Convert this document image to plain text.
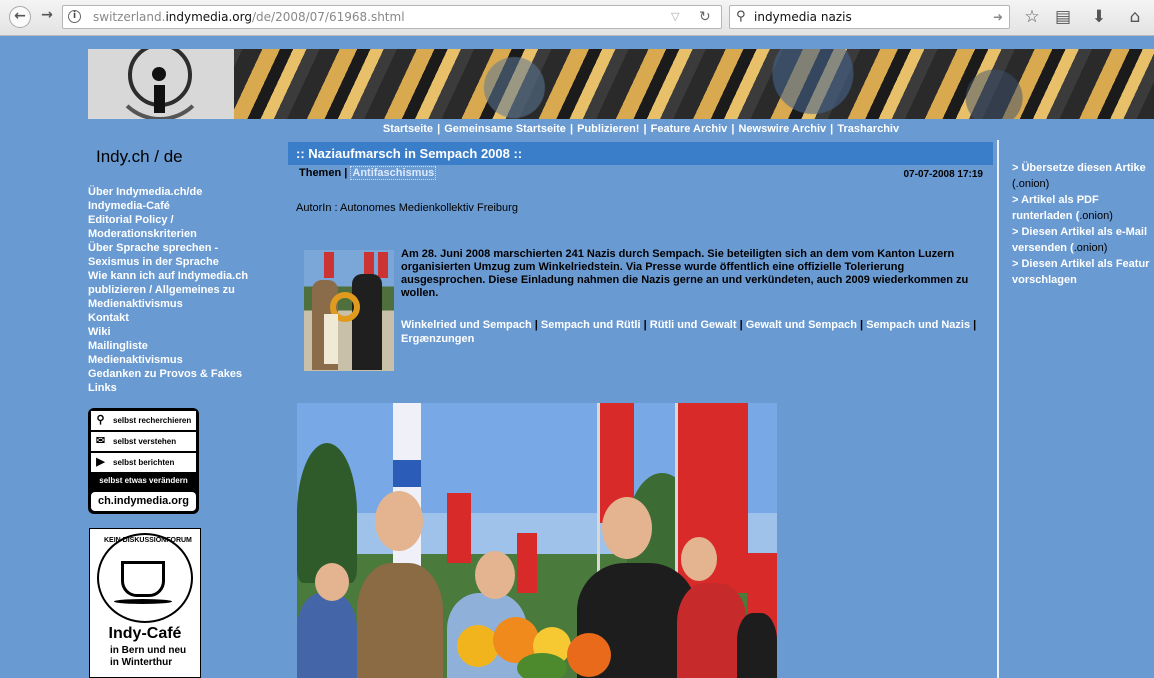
←	→	i	switzerland.indymedia.org/de/2008/07/61968.shtml	▽ ↻ ⚲ indymedia nazis	➜ ☆ ▤ ⬇	⌂
Startseite | Gemeinsame Startseite | Publizieren! | Feature Archiv | Newswire Archiv | Trasharchiv
Indy.ch / de
Über Indymedia.ch/de
Indymedia-Café
Editorial Policy /
Moderationskriterien
Über Sprache sprechen -
Sexismus in der Sprache
Wie kann ich auf Indymedia.ch
publizieren / Allgemeines zu
Medienaktivismus
Kontakt
Wiki
Mailingliste
Medienaktivismus
Gedanken zu Provos & Fakes
Links
⚲	selbst recherchieren
✉ selbst verstehen
▶	selbst berichten
selbst etwas verändern
ch.indymedia.org
KEIN DISKUSSIONFORUM
Indy-Café
in Bern und neu
in Winterthur
:: Naziaufmarsch in Sempach 2008 ::
Themen | Antifaschismus	07-07-2008 17:19
AutorIn : Autonomes Medienkollektiv Freiburg
Am 28. Juni 2008 marschierten 241 Nazis durch Sempach. Sie beteiligten sich an dem vom Kanton Luzern organisierten Umzug zum Winkelriedstein. Via Presse wurde öffentlich eine offizielle Tolerierung ausgesprochen. Diese Einladung nahmen die Nazis gerne an und verkündeten, auch 2009 wiederkommen zu wollen.
Winkelried und Sempach | Sempach und Rütli | Rütli und Gewalt | Gewalt und Sempach | Sempach und Nazis | Ergænzungen
> Übersetze diesen Artike
(.onion)
> Artikel als PDF
runterladen (.onion)
> Diesen Artikel als e-Mail
versenden (.onion)
> Diesen Artikel als Featur
vorschlagen
